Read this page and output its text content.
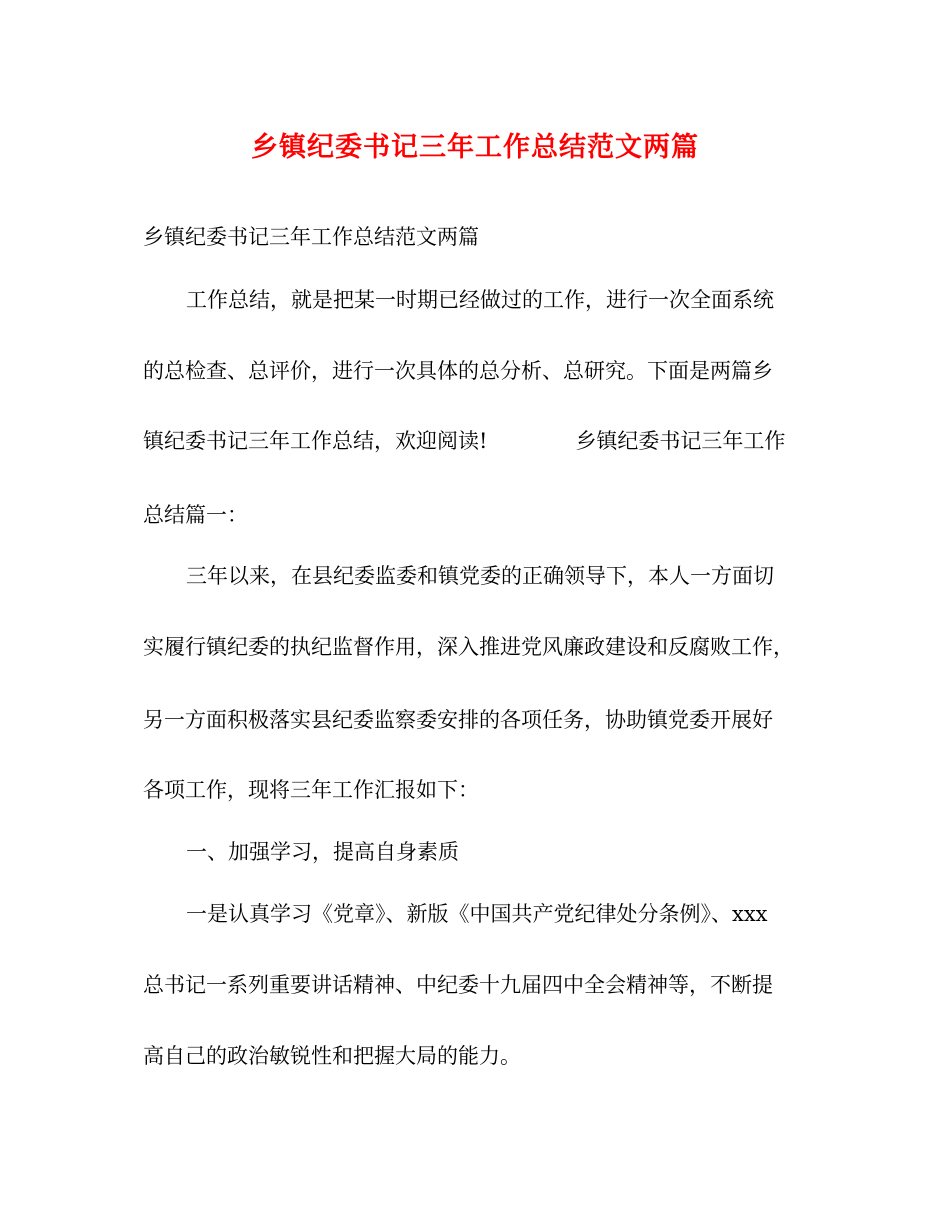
乡镇纪委书记三年工作总结范文两篇
乡镇纪委书记三年工作总结范文两篇
工作总结，就是把某一时期已经做过的工作，进行一次全面系统
的总检查、总评价，进行一次具体的总分析、总研究。下面是两篇乡
镇纪委书记三年工作总结，欢迎阅读!	乡镇纪委书记三年工作
总结篇一：
三年以来，在县纪委监委和镇党委的正确领导下，本人一方面切
实履行镇纪委的执纪监督作用，深入推进党风廉政建设和反腐败工作，
另一方面积极落实县纪委监察委安排的各项任务，协助镇党委开展好
各项工作，现将三年工作汇报如下：
一、加强学习，提高自身素质
一是认真学习《党章》、新版《中国共产党纪律处分条例》、xxx
总书记一系列重要讲话精神、中纪委十九届四中全会精神等，不断提
高自己的政治敏锐性和把握大局的能力。
